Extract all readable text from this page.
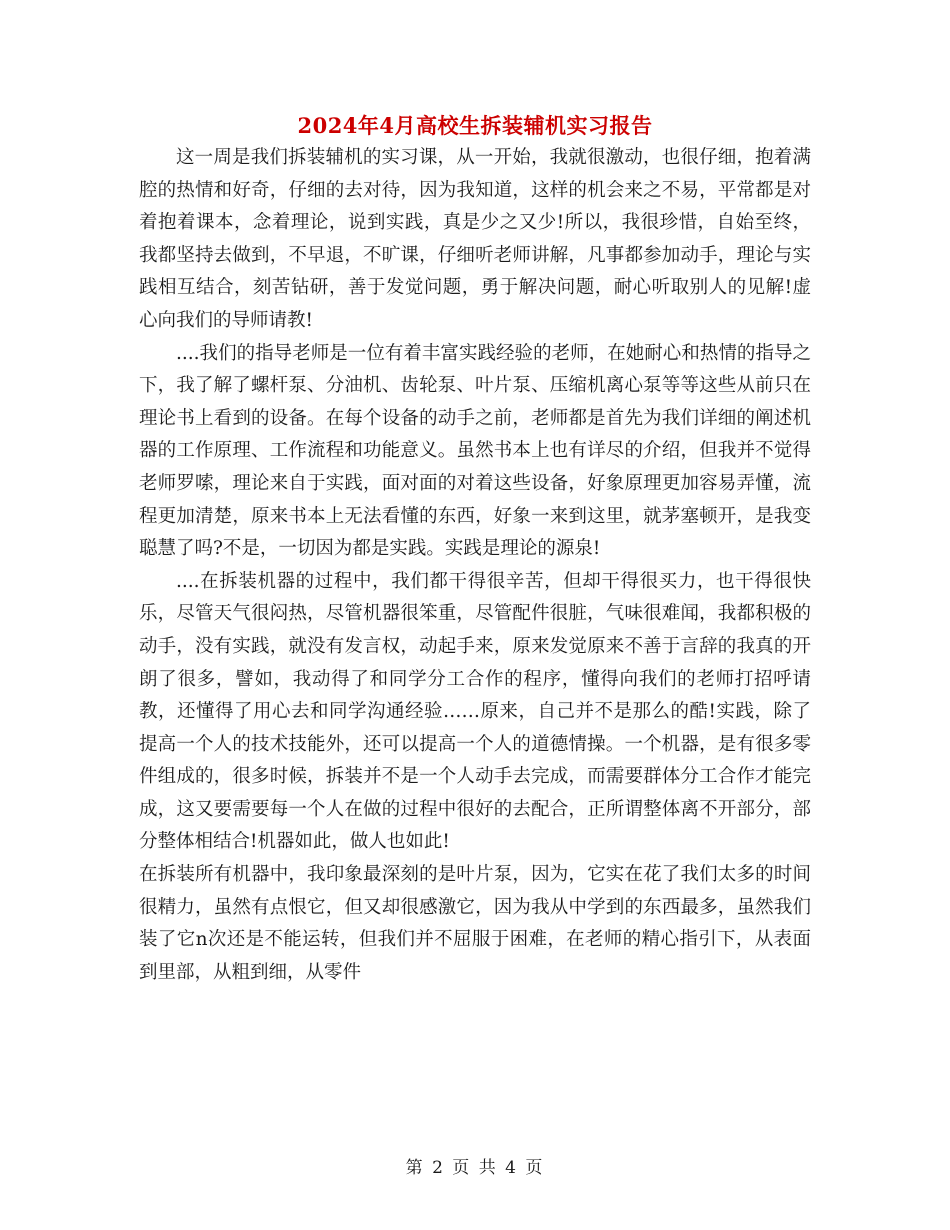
2024年4月高校生拆装辅机实习报告

这一周是我们拆装辅机的实习课，从一开始，我就很激动，也很仔细，抱着满腔的热情和好奇，仔细的去对待，因为我知道，这样的机会来之不易，平常都是对着抱着课本，念着理论，说到实践，真是少之又少!所以，我很珍惜，自始至终，我都坚持去做到，不早退，不旷课，仔细听老师讲解，凡事都参加动手，理论与实践相互结合，刻苦钻研，善于发觉问题，勇于解决问题，耐心听取别人的见解!虚心向我们的导师请教!

....我们的指导老师是一位有着丰富实践经验的老师，在她耐心和热情的指导之下，我了解了螺杆泵、分油机、齿轮泵、叶片泵、压缩机离心泵等等这些从前只在理论书上看到的设备。在每个设备的动手之前，老师都是首先为我们详细的阐述机器的工作原理、工作流程和功能意义。虽然书本上也有详尽的介绍，但我并不觉得老师罗嗦，理论来自于实践，面对面的对着这些设备，好象原理更加容易弄懂，流程更加清楚，原来书本上无法看懂的东西，好象一来到这里，就茅塞顿开，是我变聪慧了吗?不是，一切因为都是实践。实践是理论的源泉!

....在拆装机器的过程中，我们都干得很辛苦，但却干得很买力，也干得很快乐，尽管天气很闷热，尽管机器很笨重，尽管配件很脏，气味很难闻，我都积极的动手，没有实践，就没有发言权，动起手来，原来发觉原来不善于言辞的我真的开朗了很多，譬如，我动得了和同学分工合作的程序，懂得向我们的老师打招呼请教，还懂得了用心去和同学沟通经验……原来，自己并不是那么的酷!实践，除了提高一个人的技术技能外，还可以提高一个人的道德情操。一个机器，是有很多零件组成的，很多时候，拆装并不是一个人动手去完成，而需要群体分工合作才能完成，这又要需要每一个人在做的过程中很好的去配合，正所谓整体离不开部分，部分整体相结合!机器如此，做人也如此!

在拆装所有机器中，我印象最深刻的是叶片泵，因为，它实在花了我们太多的时间很精力，虽然有点恨它，但又却很感激它，因为我从中学到的东西最多，虽然我们装了它n次还是不能运转，但我们并不屈服于困难，在老师的精心指引下，从表面到里部，从粗到细，从零件

第 2 页 共 4 页
